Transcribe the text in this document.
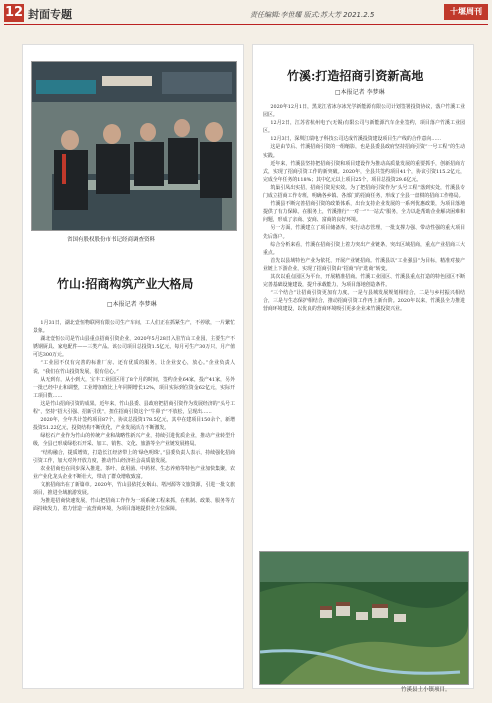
12 封面专题	责任编辑:李世耀 版式:苏大芳 2021.2.5	十堰周刊
省国有股权股份市书记经商调查资料
竹山:招商构筑产业大格局
□本报记者 李梦琳

1月31日，湖北壹恒物联网有限公司生产车间，工人们正在抓紧生产，不停歇，一片繁忙景象。

湖北壹恒公司是竹山县重点招商引资企业，2020年5月28日入驻竹山工业园，主要生产不锈钢厨具、家电配件——三类产品。该公司项目总投资1.5亿元，每月可生产30万只，月产值可达300万元。

“工业园不仅有完善的标准厂房、还有优质的服务，让企业安心，放心。”企业负责人说，“我们在竹山投资发展，很有信心。”

从无到有，从小到大，宝丰工业园区用了8个月的时间，签约企业64家，投产41家，另外一批已经中止和调整，工业增加值比上年同期增长12%，项目实际到位资金62亿元，实际开工项目数……

这是竹山招商引资的成果。近年来，竹山县委、县政府把招商引资作为发展经济的“头号工程”，坚持“招大引强、招新引优”，扭住招商引资这个“牛鼻子”不放松，呈现出……

2020年，全年共计签约项目87个，协议总投资178.5亿元，其中在建项目150余个，新增投资51.22亿元，投资结构不断优化，产业发展活力不断激发。

绿松石产业作为竹山的传统产业和战略性新兴产业，持续引进优质企业，推动产业转型升级，全县已形成绿松石开采、加工、销售、文化、旅游等全产业链发展格局。

“结构融合，提质增效，打造长江经济带上的‘绿色明珠’。”县委负责人表示，持续强化招商引资工作，加大对外开放力度，推动竹山经济社会高质量发展。

农业招商也在同步深入推进。茶叶、食用菌、中药材、生态养殖等特色产业加快集聚，农业产业化龙头企业不断壮大，带动了群众增收致富。

文旅招商出在了新篇章。2020年，竹山县依托女娲山、堵河源等文旅资源，引进一批文旅项目，推进全域旅游发展。

为推进招商快速发展，竹山把招商工作作为一项系统工程来抓，在机制、政策、服务等方面持续发力，着力营造一流营商环境，为项目落地提供全方位保障。

竹溪:打造招商引资新高地
□本报记者 李梦琳

2020年12月1日，黑龙江省冰尔冰光学新能源有限公司计划签署投资协议，落户竹溪工业园区。

12月2日，江苏省杭州电子(无锡)有限公司与新能源汽车企业签约，项目落户竹溪工业园区。

12月3日，深圳江瑞电子科技公司达成竹溪投资建设项目生产线的合作意向……

这是由节后、竹溪招商引资的一组缩影，也是县委县政府坚持招商引资“一号工程”的生动实践。

近年来，竹溪县坚持把招商引资和项目建设作为推动高质量发展的重要抓手，创新招商方式，实现了招商引资工作的新突破。2020年，全县共签约项目41个，协议引资115.2亿元，完成全年任务的118%；其中亿元以上项目25个，项目总投资29.6亿元。

筑巢引凤出实招，招商引资见实效。为了把招商引资作为“头号工程”落到实处，竹溪县专门成立招商工作专班，明确各乡镇、各部门的招商任务，形成了全县一盘棋的招商工作格局。

竹溪县不断完善招商引资的政策体系，出台支持企业发展的一系列优惠政策，为项目落地提供了有力保障。在服务上，竹溪推行“一对一”“一站式”服务，全力以赴帮助企业解决困难和问题，形成了亲商、安商、富商的良好环境。

另一方面，竹溪建立了项目储备库，实行动态管理，一批支撑力强、带动性强的重大项目先后落户。

综合分析来看，竹溪在招商引资上着力突出产业链条，突出区域招商，重点产业招商三大重点。

首先以县域特色产业为依托，开展产业链招商。竹溪县以“工业强县”为目标，精准对接产业链上下游企业，实现了招商引资由“招商”向“选商”转变。

其次以重点园区为平台，开展精准招商。竹溪工业园区、竹溪县重点打造的特色园区不断完善基础设施建设，提升承载能力，为项目落地创造条件。

“三个结合”让招商引资更加有力度。一是与县城发展规划相结合，二是与乡村振兴相结合，三是与生态保护相结合，推动招商引资工作再上新台阶。2020年以来，竹溪县全力推进营商环境建设，以优良的营商环境吸引更多企业来竹溪投资兴业。

竹溪县土小镇项目。
